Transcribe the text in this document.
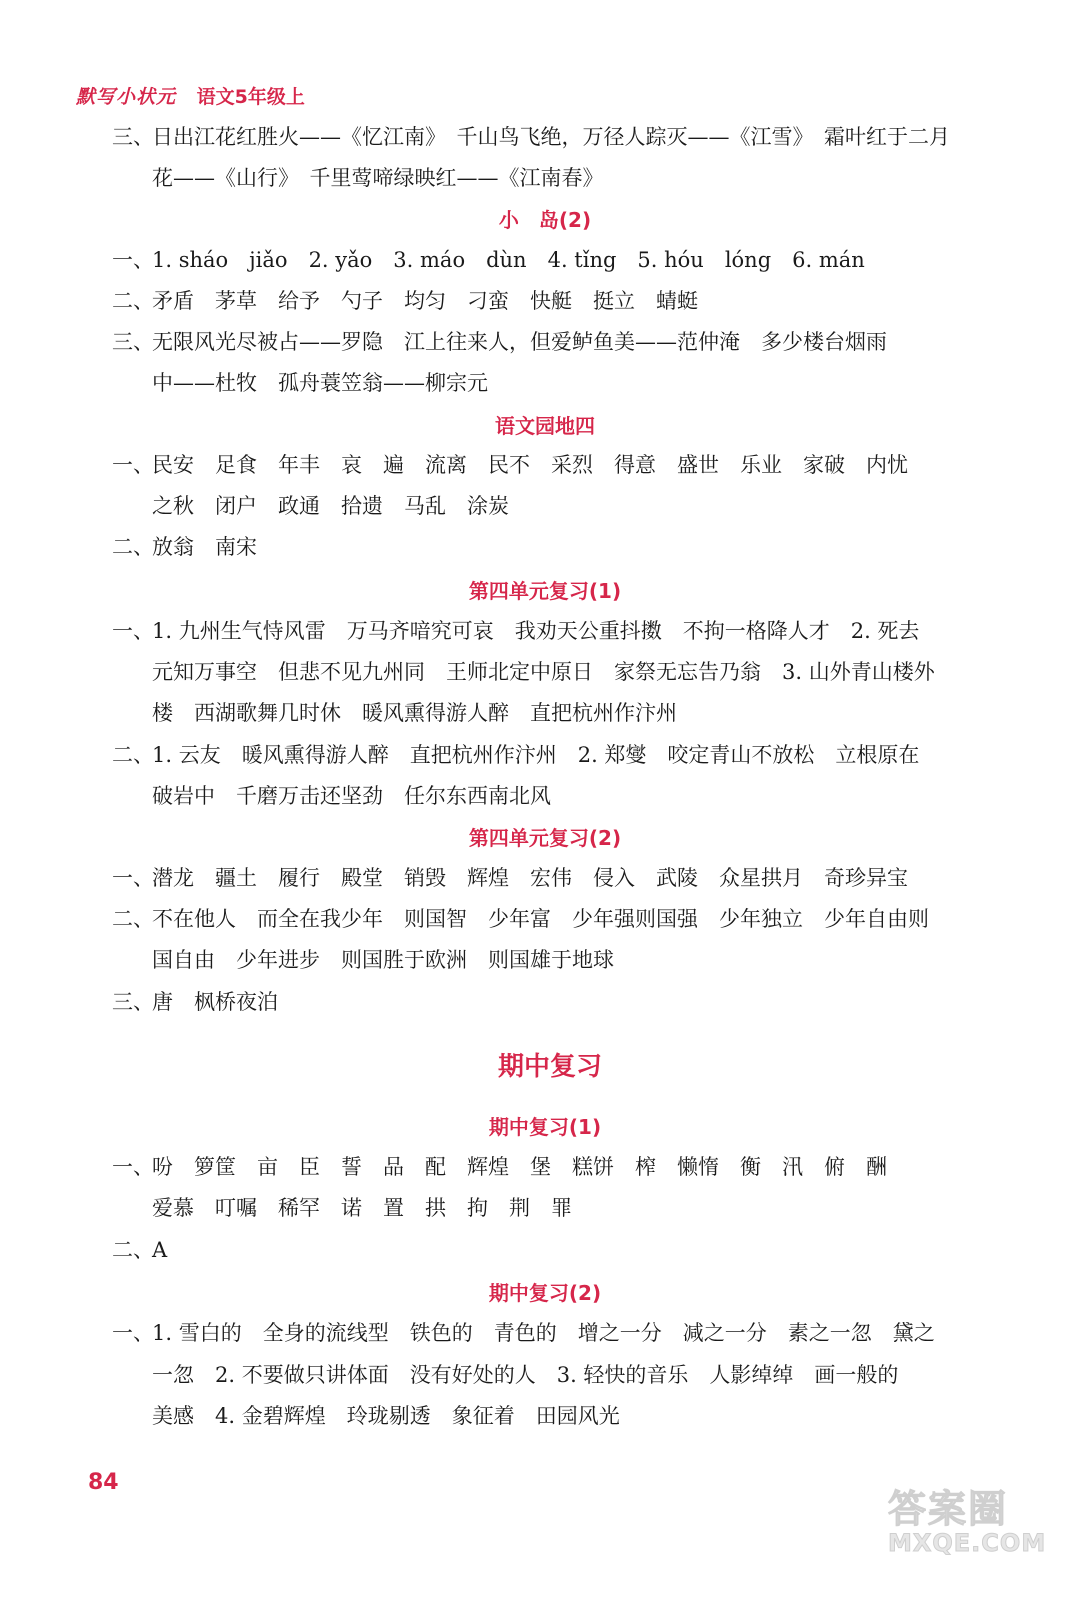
默写小状元 语文5年级上
三、日出江花红胜火——《忆江南》　千山鸟飞绝，万径人踪灭——《江雪》　霜叶红于二月
花——《山行》　千里莺啼绿映红——《江南春》
小　岛(2)
一、1. sháo　jiǎo　2. yǎo　3. máo　dùn　4. tǐng　5. hóu　lóng　6. mán
二、矛盾　茅草　给予　勺子　均匀　刁蛮　快艇　挺立　蜻蜓
三、无限风光尽被占——罗隐　江上往来人，但爱鲈鱼美——范仲淹　多少楼台烟雨
中——杜牧　孤舟蓑笠翁——柳宗元
语文园地四
一、民安　足食　年丰　哀　遍　流离　民不　采烈　得意　盛世　乐业　家破　内忧
之秋　闭户　政通　拾遗　马乱　涂炭
二、放翁　南宋
第四单元复习(1)
一、1. 九州生气恃风雷　万马齐喑究可哀　我劝天公重抖擞　不拘一格降人才　2. 死去
元知万事空　但悲不见九州同　王师北定中原日　家祭无忘告乃翁　3. 山外青山楼外
楼　西湖歌舞几时休　暖风熏得游人醉　直把杭州作汴州
二、1. 云友　暖风熏得游人醉　直把杭州作汴州　2. 郑燮　咬定青山不放松　立根原在
破岩中　千磨万击还坚劲　任尔东西南北风
第四单元复习(2)
一、潜龙　疆土　履行　殿堂　销毁　辉煌　宏伟　侵入　武陵　众星拱月　奇珍异宝
二、不在他人　而全在我少年　则国智　少年富　少年强则国强　少年独立　少年自由则
国自由　少年进步　则国胜于欧洲　则国雄于地球
三、唐　枫桥夜泊
期中复习
期中复习(1)
一、吩　箩筐　亩　臣　誓　品　配　辉煌　堡　糕饼　榨　懒惰　衡　汛　俯　酬
爱慕　叮嘱　稀罕　诺　置　拱　拘　荆　罪
二、A
期中复习(2)
一、1. 雪白的　全身的流线型　铁色的　青色的　增之一分　减之一分　素之一忽　黛之
一忽　2. 不要做只讲体面　没有好处的人　3. 轻快的音乐　人影绰绰　画一般的
美感　4. 金碧辉煌　玲珑剔透　象征着　田园风光
84
答案圈
MXQE.COM
